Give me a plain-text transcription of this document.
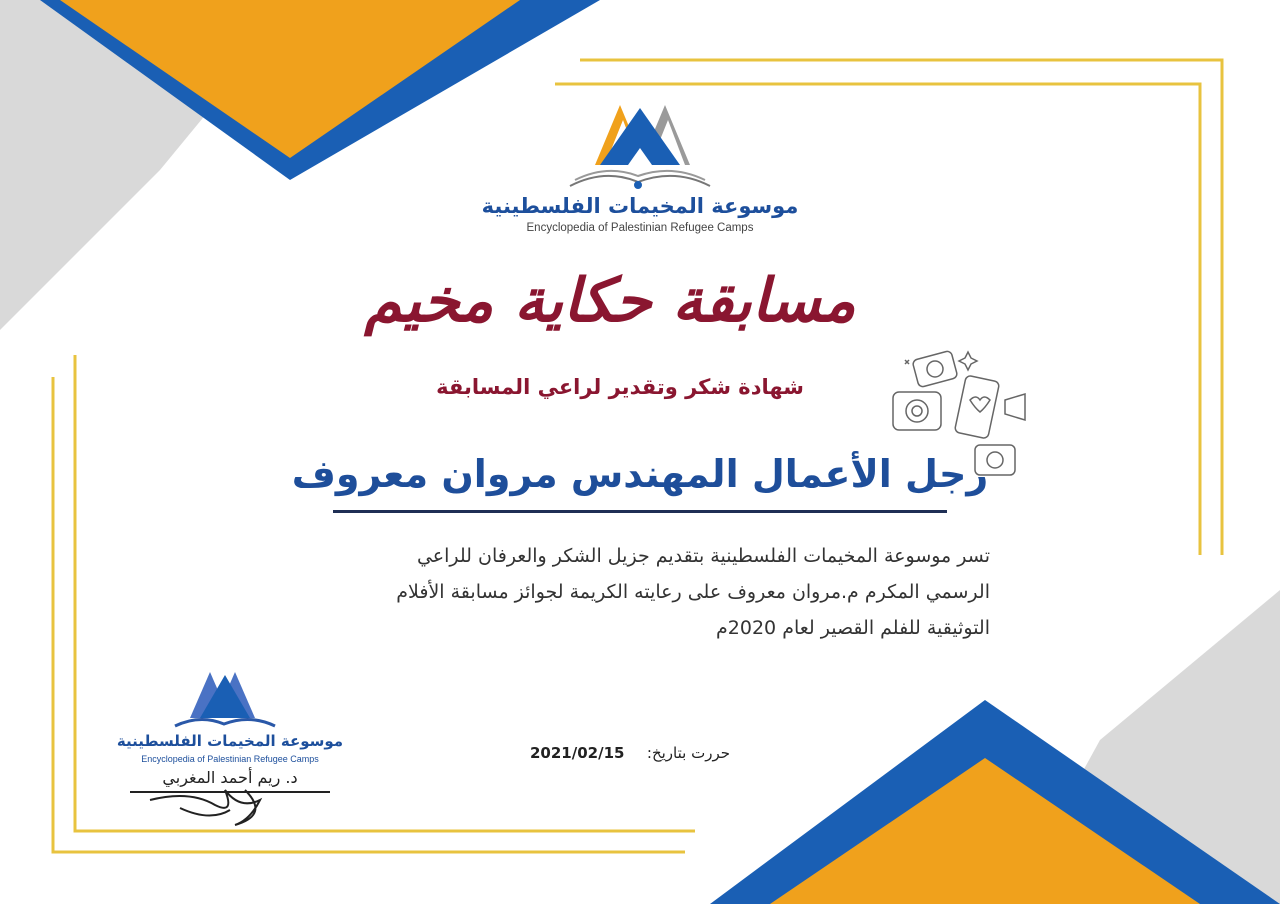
موسوعة المخيمات الفلسطينية
Encyclopedia of Palestinian Refugee Camps
مسابقة حكاية مخيم
شهادة شكر وتقدير لراعي المسابقة
رجل الأعمال المهندس مروان معروف
تسر موسوعة المخيمات الفلسطينية بتقديم جزيل الشكر والعرفان للراعي
الرسمي المكرم م.مروان معروف على رعايته الكريمة لجوائز مسابقة الأفلام
التوثيقية للفلم القصير لعام 2020م
حررت بتاريخ:
2021/02/15
موسوعة المخيمات الفلسطينية
Encyclopedia of Palestinian Refugee Camps
د. ريم أحمد المغربي
